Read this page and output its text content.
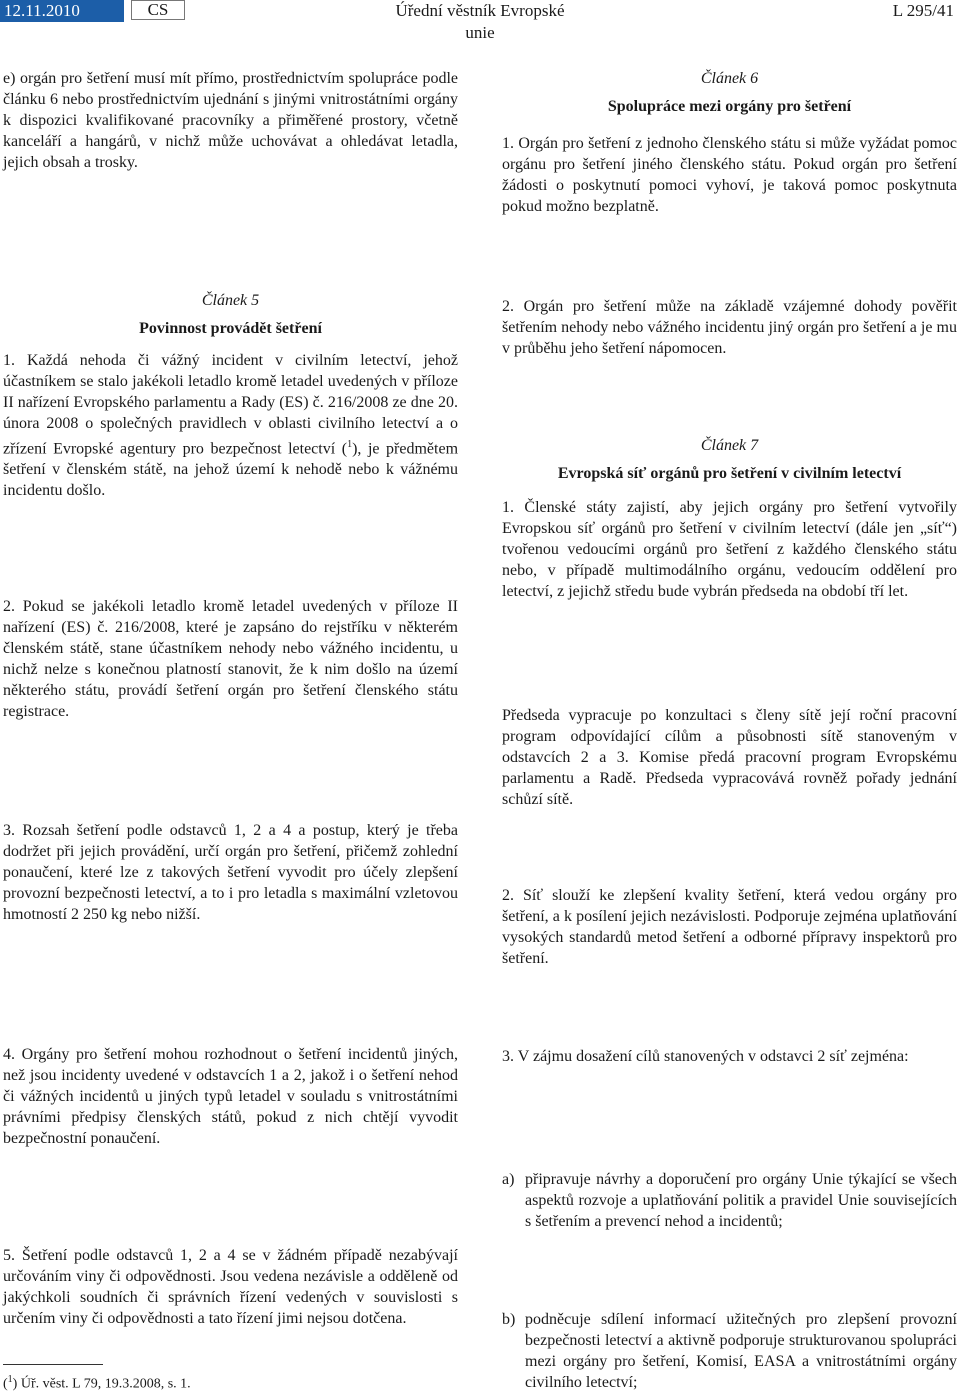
12.11.2010	CS	Úřední věstník Evropské unie
L 295/41

e) orgán pro šetření musí mít přímo, prostřednictvím spolupráce podle článku 6 nebo prostřednictvím ujednání s jinými vnitrostátními orgány k dispozici kvalifikované pracovníky a přiměřené prostory, včetně kanceláří a hangárů, v nichž může uchovávat a ohledávat letadla, jejich obsah a trosky.

Článek 5
Povinnost provádět šetření

1. Každá nehoda či vážný incident v civilním letectví, jehož účastníkem se stalo jakékoli letadlo kromě letadel uvedených v příloze II nařízení Evropského parlamentu a Rady (ES) č. 216/2008 ze dne 20. února 2008 o společných pravidlech v oblasti civilního letectví a o zřízení Evropské agentury pro bezpečnost letectví ($^1$), je předmětem šetření v členském státě, na jehož území k nehodě nebo k vážnému incidentu došlo.

2. Pokud se jakékoli letadlo kromě letadel uvedených v příloze II nařízení (ES) č. 216/2008, které je zapsáno do rejstříku v některém členském státě, stane účastníkem nehody nebo vážného incidentu, u nichž nelze s konečnou platností stanovit, že k nim došlo na území některého státu, provádí šetření orgán pro šetření členského státu registrace.

3. Rozsah šetření podle odstavců 1, 2 a 4 a postup, který je třeba dodržet při jejich provádění, určí orgán pro šetření, přičemž zohlední ponaučení, které lze z takových šetření vyvodit pro účely zlepšení provozní bezpečnosti letectví, a to i pro letadla s maximální vzletovou hmotností 2 250 kg nebo nižší.

4. Orgány pro šetření mohou rozhodnout o šetření incidentů jiných, než jsou incidenty uvedené v odstavcích 1 a 2, jakož i o šetření nehod či vážných incidentů u jiných typů letadel v souladu s vnitrostátními právními předpisy členských států, pokud z nich chtějí vyvodit bezpečnostní ponaučení.

5. Šetření podle odstavců 1, 2 a 4 se v žádném případě nezabývají určováním viny či odpovědnosti. Jsou vedena nezávisle a odděleně od jakýchkoli soudních či správních řízení vedených v souvislosti s určením viny či odpovědnosti a tato řízení jimi nejsou dotčena.

($^1$) Úř. věst. L 79, 19.3.2008, s. 1.
Článek 6
Spolupráce mezi orgány pro šetření

1. Orgán pro šetření z jednoho členského státu si může vyžádat pomoc orgánu pro šetření jiného členského státu. Pokud orgán pro šetření žádosti o poskytnutí pomoci vyhoví, je taková pomoc poskytnuta pokud možno bezplatně.

2. Orgán pro šetření může na základě vzájemné dohody pověřit šetřením nehody nebo vážného incidentu jiný orgán pro šetření a je mu v průběhu jeho šetření nápomocen.

Článek 7
Evropská síť orgánů pro šetření v civilním letectví

1. Členské státy zajistí, aby jejich orgány pro šetření vytvořily Evropskou síť orgánů pro šetření v civilním letectví (dále jen „síť“) tvořenou vedoucími orgánů pro šetření z každého členského státu nebo, v případě multimodálního orgánu, vedoucím oddělení pro letectví, z jejichž středu bude vybrán předseda na období tří let.

Předseda vypracuje po konzultaci s členy sítě její roční pracovní program odpovídající cílům a působnosti sítě stanoveným v odstavcích 2 a 3. Komise předá pracovní program Evropskému parlamentu a Radě. Předseda vypracovává rovněž pořady jednání schůzí sítě.

2. Síť slouží ke zlepšení kvality šetření, která vedou orgány pro šetření, a k posílení jejich nezávislosti. Podporuje zejména uplatňování vysokých standardů metod šetření a odborné přípravy inspektorů pro šetření.

3. V zájmu dosažení cílů stanovených v odstavci 2 síť zejména:

a) připravuje návrhy a doporučení pro orgány Unie týkající se všech aspektů rozvoje a uplatňování politik a pravidel Unie souvisejících s šetřením a prevencí nehod a incidentů;
b) podněcuje sdílení informací užitečných pro zlepšení provozní bezpečnosti letectví a aktivně podporuje strukturovanou spolupráci mezi orgány pro šetření, Komisí, EASA a vnitrostátními orgány civilního letectví;
